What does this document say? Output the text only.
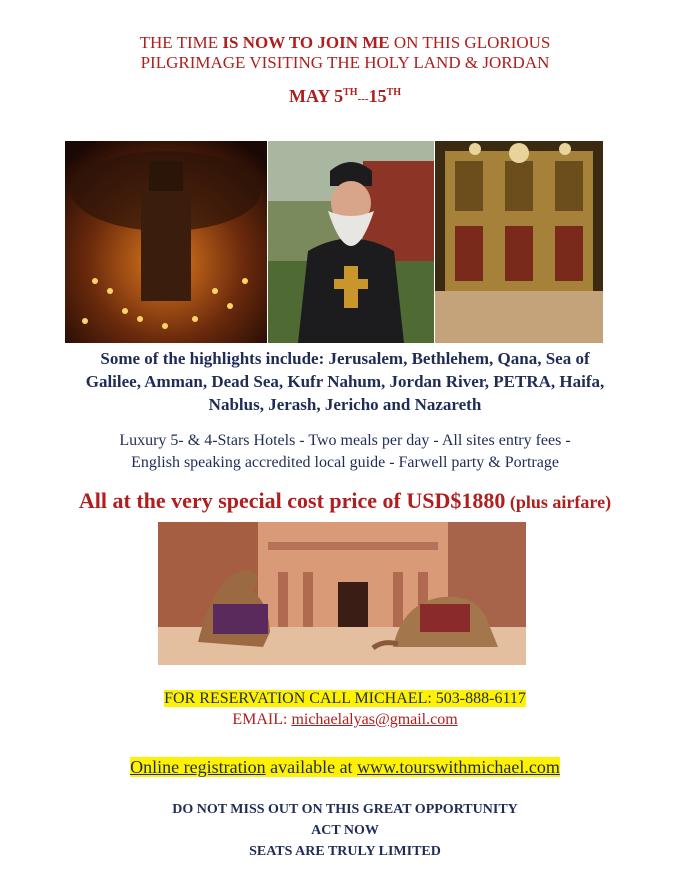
THE TIME IS NOW TO JOIN ME ON THIS GLORIOUS
PILGRIMAGE VISITING THE HOLY LAND & JORDAN
MAY 5TH---15TH
Some of the highlights include: Jerusalem, Bethlehem, Qana, Sea of
Galilee, Amman, Dead Sea, Kufr Nahum, Jordan River, PETRA, Haifa,
Nablus, Jerash, Jericho and Nazareth
Luxury 5- & 4-Stars Hotels - Two meals per day - All sites entry fees -
English speaking accredited local guide - Farwell party & Portrage
All at the very special cost price of USD$1880 (plus airfare)
FOR RESERVATION CALL MICHAEL: 503-888-6117
EMAIL: michaelalyas@gmail.com
Online registration available at www.tourswithmichael.com
DO NOT MISS OUT ON THIS GREAT OPPORTUNITY
ACT NOW
SEATS ARE TRULY LIMITED
